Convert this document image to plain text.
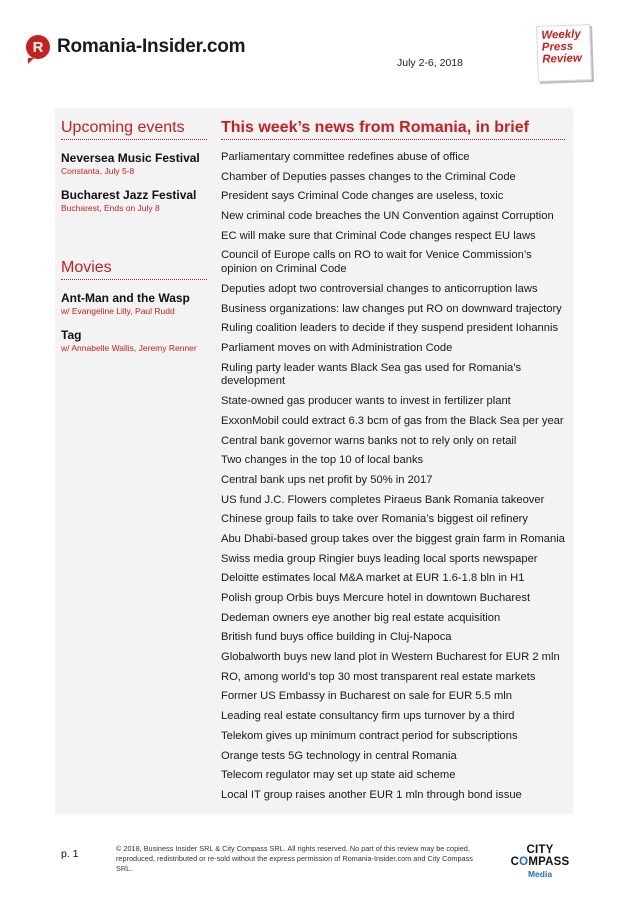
R Romania-Insider.com
July 2-6, 2018
Weekly
Press
Review
Upcoming events
Neversea Music Festival
Constanta, July 5-8
Bucharest Jazz Festival
Bucharest, Ends on July 8
Movies
Ant-Man and the Wasp
w/ Evangeline Lilly, Paul Rudd
Tag
w/ Annabelle Wallis, Jeremy Renner
This week’s news from Romania, in brief
Parliamentary committee redefines abuse of office
Chamber of Deputies passes changes to the Criminal Code
President says Criminal Code changes are useless, toxic
New criminal code breaches the UN Convention against Corruption
EC will make sure that Criminal Code changes respect EU laws
Council of Europe calls on RO to wait for Venice Commission’s opinion on Criminal Code
Deputies adopt two controversial changes to anticorruption laws
Business organizations: law changes put RO on downward trajectory
Ruling coalition leaders to decide if they suspend president Iohannis
Parliament moves on with Administration Code
Ruling party leader wants Black Sea gas used for Romania’s development
State-owned gas producer wants to invest in fertilizer plant
ExxonMobil could extract 6.3 bcm of gas from the Black Sea per year
Central bank governor warns banks not to rely only on retail
Two changes in the top 10 of local banks
Central bank ups net profit by 50% in 2017
US fund J.C. Flowers completes Piraeus Bank Romania takeover
Chinese group fails to take over Romania’s biggest oil refinery
Abu Dhabi-based group takes over the biggest grain farm in Romania
Swiss media group Ringier buys leading local sports newspaper
Deloitte estimates local M&A market at EUR 1.6-1.8 bln in H1
Polish group Orbis buys Mercure hotel in downtown Bucharest
Dedeman owners eye another big real estate acquisition
British fund buys office building in Cluj-Napoca
Globalworth buys new land plot in Western Bucharest for EUR 2 mln
RO, among world’s top 30 most transparent real estate markets
Former US Embassy in Bucharest on sale for EUR 5.5 mln
Leading real estate consultancy firm ups turnover by a third
Telekom gives up minimum contract period for subscriptions
Orange tests 5G technology in central Romania
Telecom regulator may set up state aid scheme
Local IT group raises another EUR 1 mln through bond issue
p. 1	© 2018, Business Insider SRL & City Compass SRL. All rights reserved. No part of this review may be copied, reproduced, redistributed or re-sold without the express permission of Romania-Insider.com and City Compass SRL.
CITY COMPASS
Media
